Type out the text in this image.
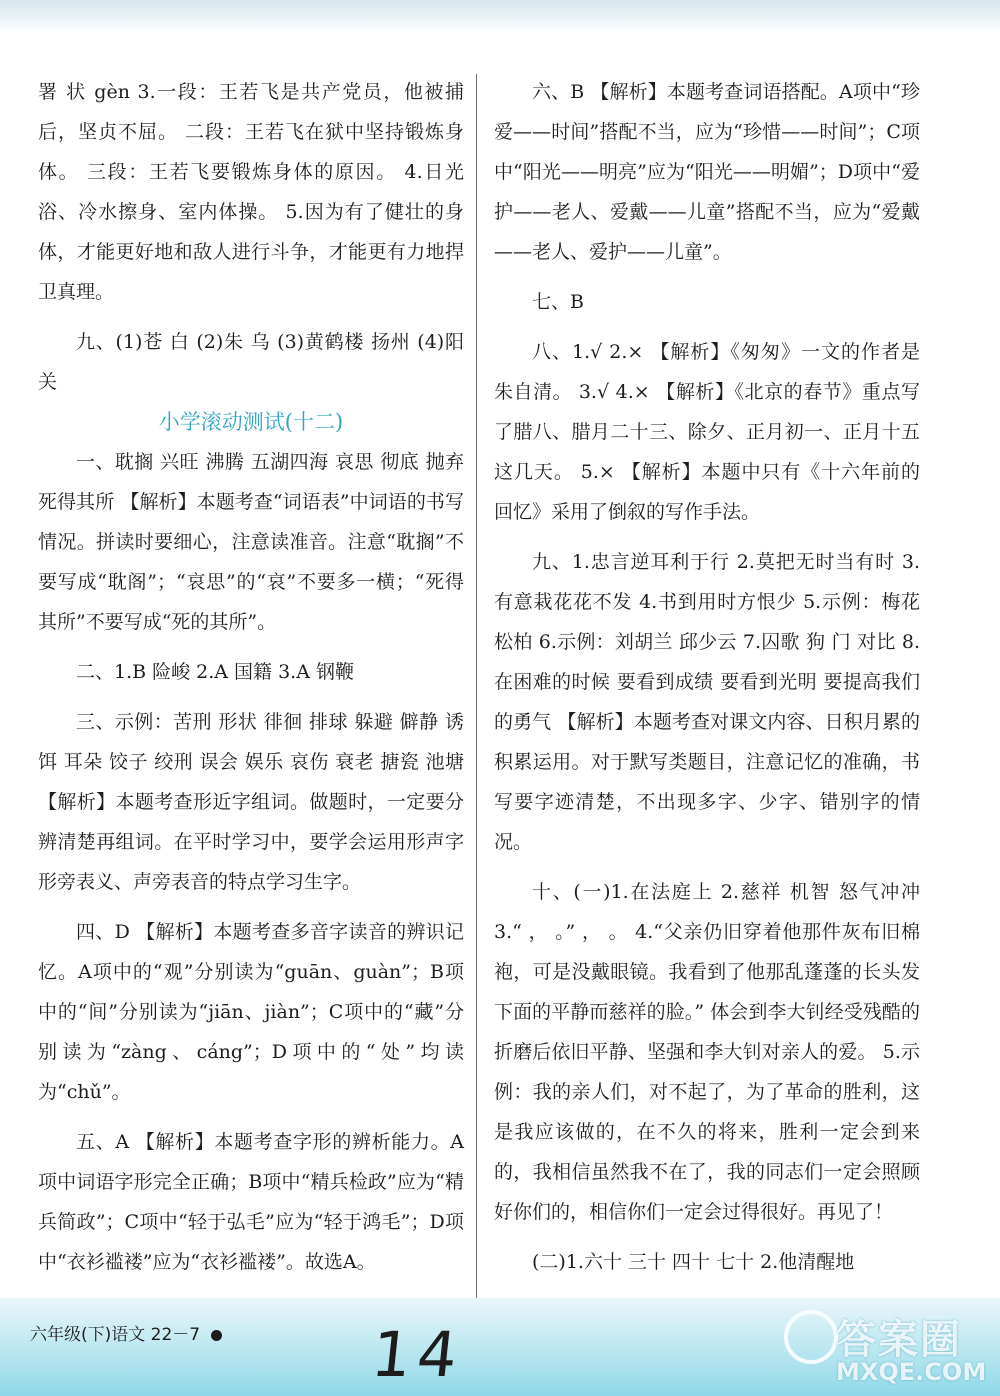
署 状 gèn 3.一段：王若飞是共产党员，他被捕后，坚贞不屈。 二段：王若飞在狱中坚持锻炼身体。 三段：王若飞要锻炼身体的原因。 4.日光浴、冷水擦身、室内体操。 5.因为有了健壮的身体，才能更好地和敌人进行斗争，才能更有力地捍卫真理。

九、(1)苍 白 (2)朱 乌 (3)黄鹤楼 扬州 (4)阳关

小学滚动测试(十二)

一、耽搁 兴旺 沸腾 五湖四海 哀思 彻底 抛弃 死得其所 【解析】本题考查“词语表”中词语的书写情况。拼读时要细心，注意读准音。注意“耽搁”不要写成“耽阁”；“哀思”的“哀”不要多一横；“死得其所”不要写成“死的其所”。

二、1.B 险峻 2.A 国籍 3.A 钢鞭

三、示例：苦刑 形状 徘徊 排球 躲避 僻静 诱饵 耳朵 饺子 绞刑 误会 娱乐 哀伤 衰老 搪瓷 池塘 【解析】本题考查形近字组词。做题时，一定要分辨清楚再组词。在平时学习中，要学会运用形声字形旁表义、声旁表音的特点学习生字。

四、D 【解析】本题考查多音字读音的辨识记忆。A项中的“观”分别读为“guān、guàn”；B项中的“间”分别读为“jiān、jiàn”；C项中的“藏”分别读为“zàng、cáng”；D项中的“处”均读为“chǔ”。

五、A 【解析】本题考查字形的辨析能力。A项中词语字形完全正确；B项中“精兵检政”应为“精兵简政”；C项中“轻于弘毛”应为“轻于鸿毛”；D项中“衣衫褴褛”应为“衣衫褴褛”。故选A。

六、B 【解析】本题考查词语搭配。A项中“珍爱——时间”搭配不当，应为“珍惜——时间”；C项中“阳光——明亮”应为“阳光——明媚”；D项中“爱护——老人、爱戴——儿童”搭配不当，应为“爱戴——老人、爱护——儿童”。

七、B

八、1.√ 2.× 【解析】《匆匆》一文的作者是朱自清。 3.√ 4.× 【解析】《北京的春节》重点写了腊八、腊月二十三、除夕、正月初一、正月十五这几天。 5.× 【解析】本题中只有《十六年前的回忆》采用了倒叙的写作手法。

九、1.忠言逆耳利于行 2.莫把无时当有时 3.有意栽花花不发 4.书到用时方恨少 5.示例：梅花 松柏 6.示例：刘胡兰 邱少云 7.囚歌 狗 门 对比 8.在困难的时候 要看到成绩 要看到光明 要提高我们的勇气 【解析】本题考查对课文内容、日积月累的积累运用。对于默写类题目，注意记忆的准确，书写要字迹清楚，不出现多字、少字、错别字的情况。

十、(一)1.在法庭上 2.慈祥 机智 怒气冲冲 3.“ ， 。” ， 。 4.“父亲仍旧穿着他那件灰布旧棉袍，可是没戴眼镜。我看到了他那乱蓬蓬的长头发下面的平静而慈祥的脸。” 体会到李大钊经受残酷的折磨后依旧平静、坚强和李大钊对亲人的爱。 5.示例：我的亲人们，对不起了，为了革命的胜利，这是我应该做的，在不久的将来，胜利一定会到来的，我相信虽然我不在了，我的同志们一定会照顾好你们的，相信你们一定会过得很好。再见了！

(二)1.六十 三十 四十 七十 2.他清醒地

六年级(下)语文 22－7	14	答案圈
MXQE.COM
